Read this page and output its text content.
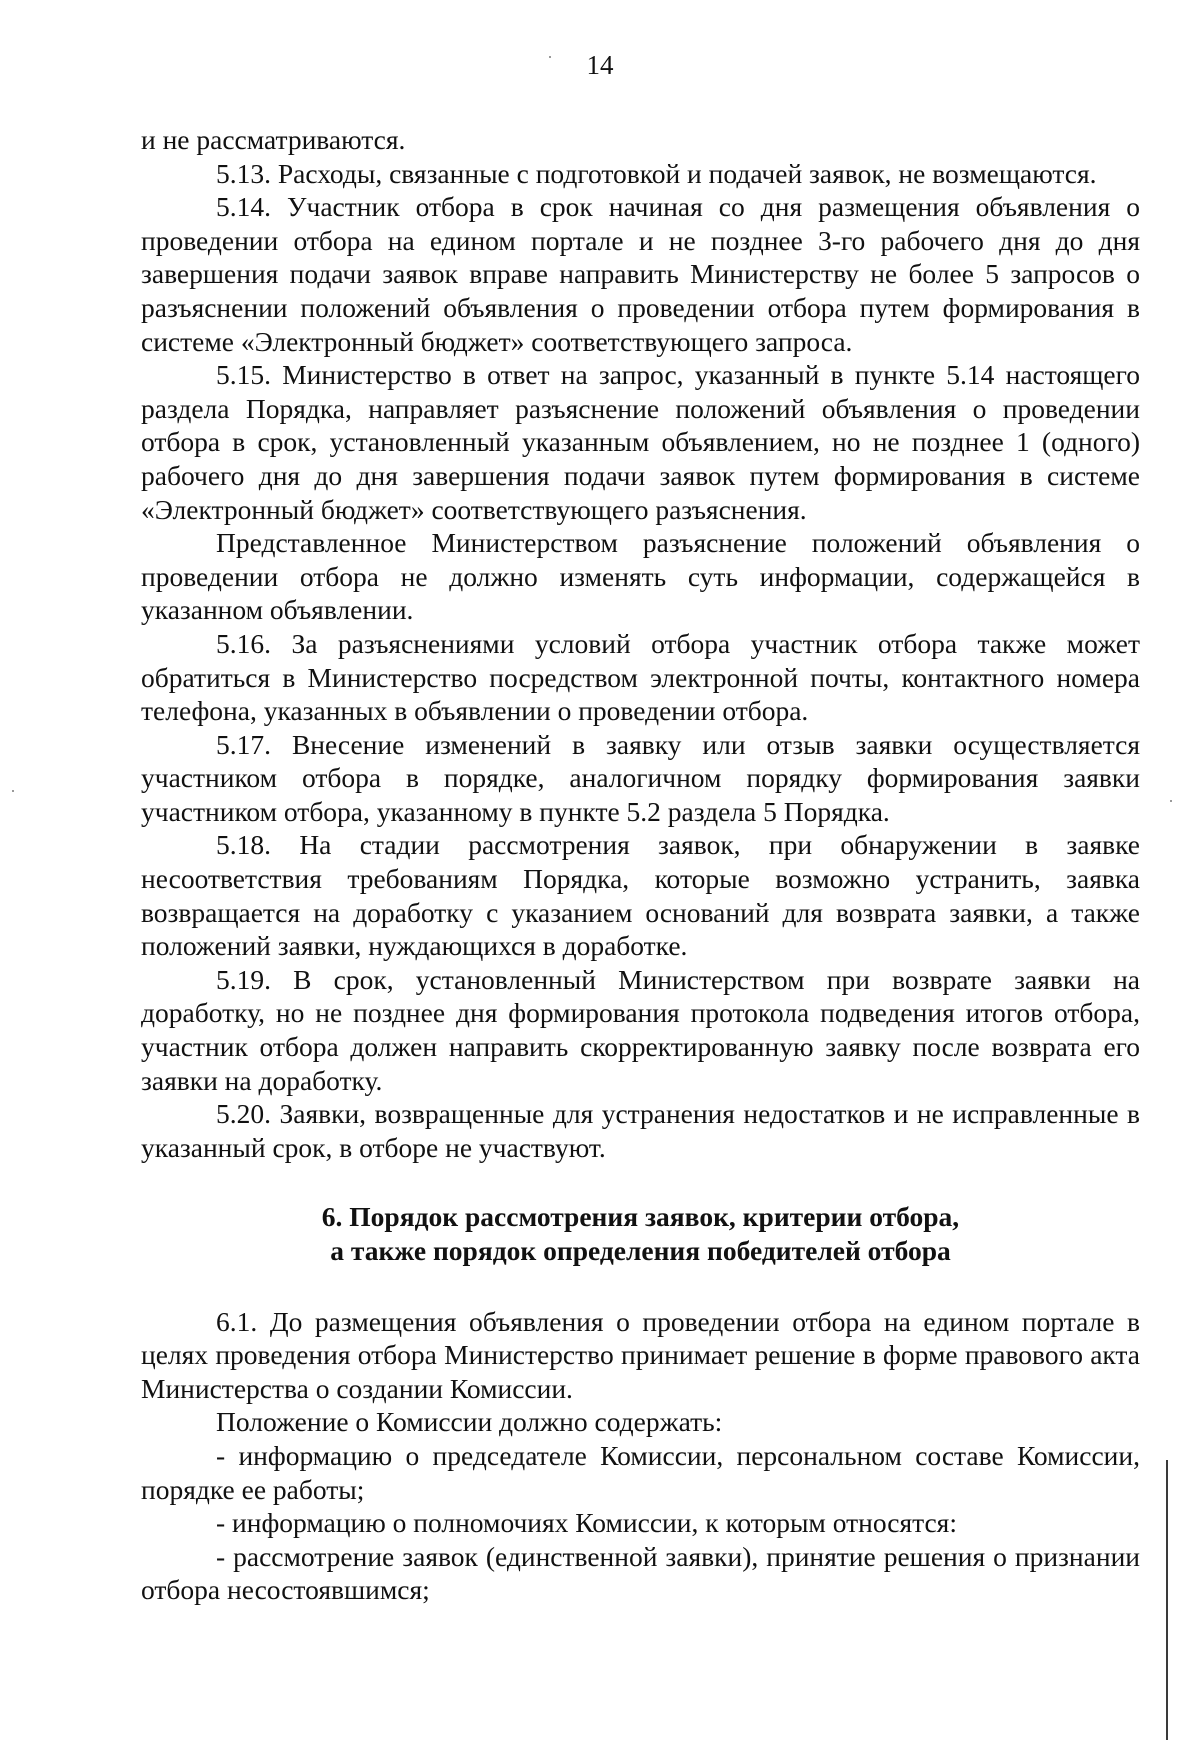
14

и не рассматриваются.

5.13. Расходы, связанные с подготовкой и подачей заявок, не возмещаются.

5.14. Участник отбора в срок начиная со дня размещения объявления о проведении отбора на едином портале и не позднее 3-го рабочего дня до дня завершения подачи заявок вправе направить Министерству не более 5 запросов о разъяснении положений объявления о проведении отбора путем формирования в системе «Электронный бюджет» соответствующего запроса.

5.15. Министерство в ответ на запрос, указанный в пункте 5.14 настоящего раздела Порядка, направляет разъяснение положений объявления о проведении отбора в срок, установленный указанным объявлением, но не позднее 1 (одного) рабочего дня до дня завершения подачи заявок путем формирования в системе «Электронный бюджет» соответствующего разъяснения.

Представленное Министерством разъяснение положений объявления о проведении отбора не должно изменять суть информации, содержащейся в указанном объявлении.

5.16. За разъяснениями условий отбора участник отбора также может обратиться в Министерство посредством электронной почты, контактного номера телефона, указанных в объявлении о проведении отбора.

5.17. Внесение изменений в заявку или отзыв заявки осуществляется участником отбора в порядке, аналогичном порядку формирования заявки участником отбора, указанному в пункте 5.2 раздела 5 Порядка.

5.18. На стадии рассмотрения заявок, при обнаружении в заявке несоответствия требованиям Порядка, которые возможно устранить, заявка возвращается на доработку с указанием оснований для возврата заявки, а также положений заявки, нуждающихся в доработке.

5.19. В срок, установленный Министерством при возврате заявки на доработку, но не позднее дня формирования протокола подведения итогов отбора, участник отбора должен направить скорректированную заявку после возврата его заявки на доработку.

5.20. Заявки, возвращенные для устранения недостатков и не исправленные в указанный срок, в отборе не участвуют.

6. Порядок рассмотрения заявок, критерии отбора,
а также порядок определения победителей отбора

6.1. До размещения объявления о проведении отбора на едином портале в целях проведения отбора Министерство принимает решение в форме правового акта Министерства о создании Комиссии.

Положение о Комиссии должно содержать:

- информацию о председателе Комиссии, персональном составе Комиссии, порядке ее работы;

- информацию о полномочиях Комиссии, к которым относятся:

- рассмотрение заявок (единственной заявки), принятие решения о признании отбора несостоявшимся;
